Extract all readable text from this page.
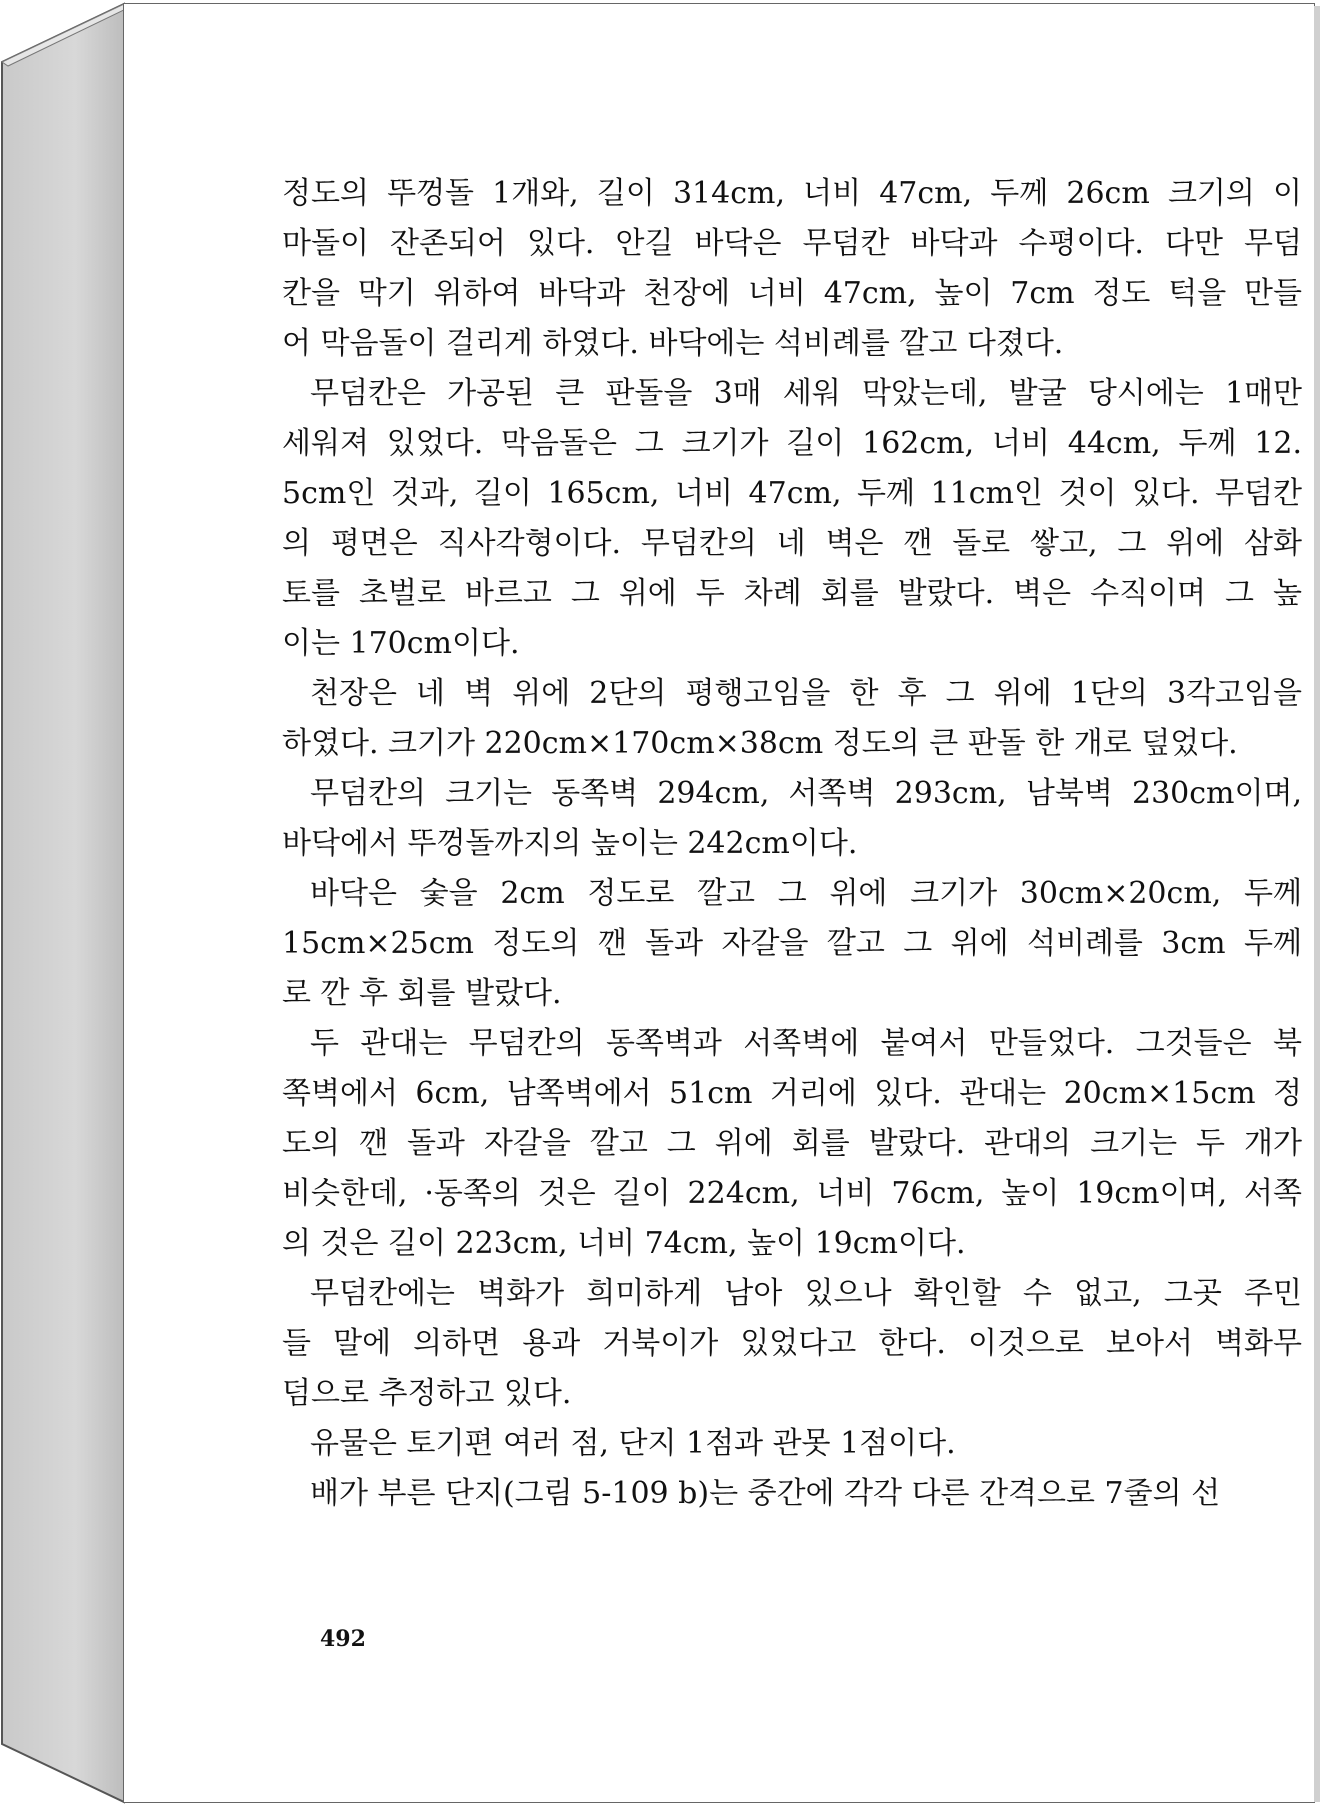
정도의 뚜껑돌 1개와, 길이 314cm, 너비 47cm, 두께 26cm 크기의 이
마돌이 잔존되어 있다. 안길 바닥은 무덤칸 바닥과 수평이다. 다만 무덤
칸을 막기 위하여 바닥과 천장에 너비 47cm, 높이 7cm 정도 턱을 만들
어 막음돌이 걸리게 하였다. 바닥에는 석비례를 깔고 다졌다.
무덤칸은 가공된 큰 판돌을 3매 세워 막았는데, 발굴 당시에는 1매만
세워져 있었다. 막음돌은 그 크기가 길이 162cm, 너비 44cm, 두께 12.
5cm인 것과, 길이 165cm, 너비 47cm, 두께 11cm인 것이 있다. 무덤칸
의 평면은 직사각형이다. 무덤칸의 네 벽은 깬 돌로 쌓고, 그 위에 삼화
토를 초벌로 바르고 그 위에 두 차례 회를 발랐다. 벽은 수직이며 그 높
이는 170cm이다.
천장은 네 벽 위에 2단의 평행고임을 한 후 그 위에 1단의 3각고임을
하였다. 크기가 220cm×170cm×38cm 정도의 큰 판돌 한 개로 덮었다.
무덤칸의 크기는 동쪽벽 294cm, 서쪽벽 293cm, 남북벽 230cm이며,
바닥에서 뚜껑돌까지의 높이는 242cm이다.
바닥은 숯을 2cm 정도로 깔고 그 위에 크기가 30cm×20cm, 두께
15cm×25cm 정도의 깬 돌과 자갈을 깔고 그 위에 석비례를 3cm 두께
로 깐 후 회를 발랐다.
두 관대는 무덤칸의 동쪽벽과 서쪽벽에 붙여서 만들었다. 그것들은 북
쪽벽에서 6cm, 남쪽벽에서 51cm 거리에 있다. 관대는 20cm×15cm 정
도의 깬 돌과 자갈을 깔고 그 위에 회를 발랐다. 관대의 크기는 두 개가
비슷한데, ·동쪽의 것은 길이 224cm, 너비 76cm, 높이 19cm이며, 서쪽
의 것은 길이 223cm, 너비 74cm, 높이 19cm이다.
무덤칸에는 벽화가 희미하게 남아 있으나 확인할 수 없고, 그곳 주민
들 말에 의하면 용과 거북이가 있었다고 한다. 이것으로 보아서 벽화무
덤으로 추정하고 있다.
유물은 토기편 여러 점, 단지 1점과 관못 1점이다.
배가 부른 단지(그림 5-109 b)는 중간에 각각 다른 간격으로 7줄의 선
492
